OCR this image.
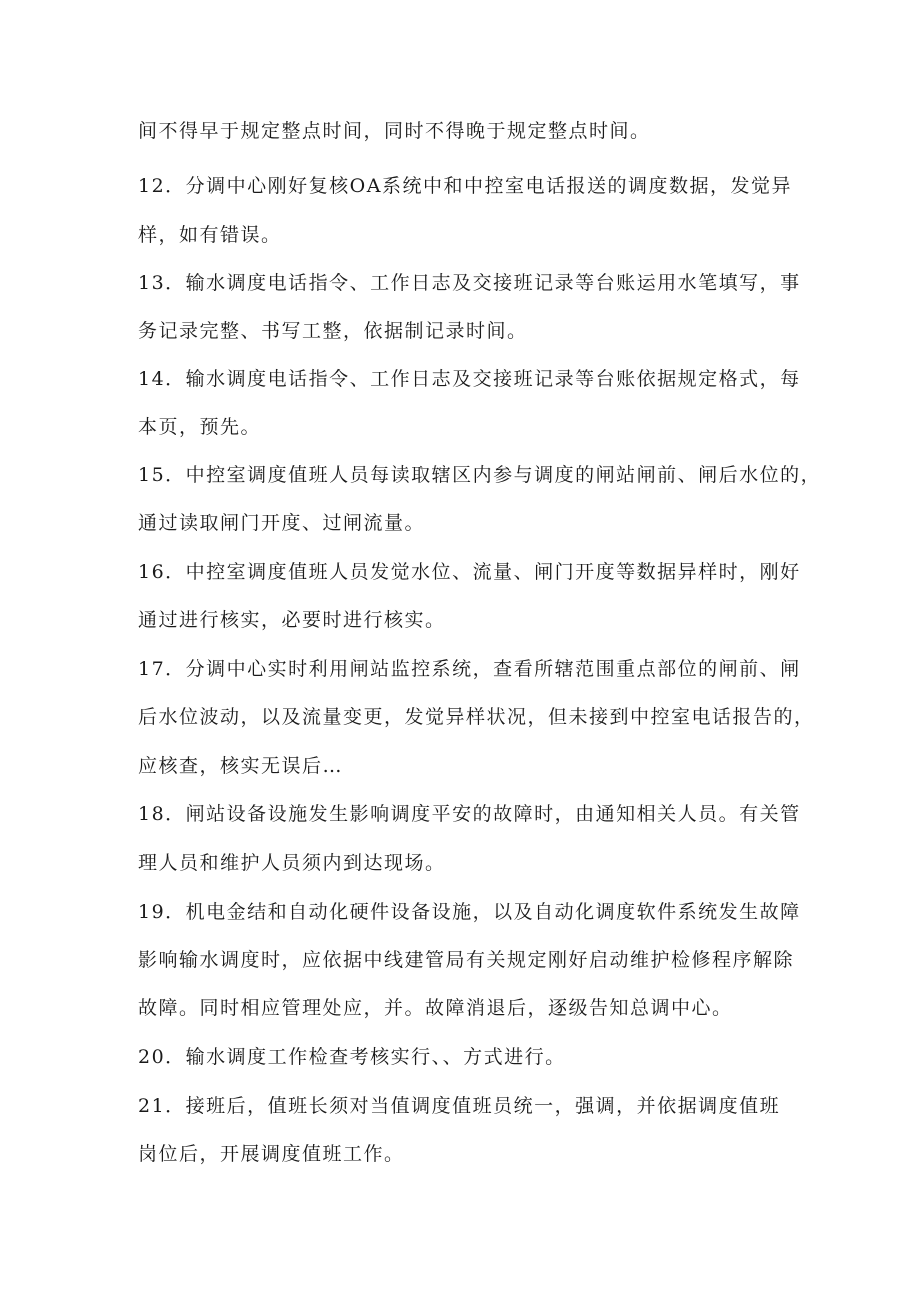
间不得早于规定整点时间，同时不得晚于规定整点时间。
12．分调中心刚好复核OA系统中和中控室电话报送的调度数据，发觉异
样，如有错误。
13．输水调度电话指令、工作日志及交接班记录等台账运用水笔填写，事
务记录完整、书写工整，依据制记录时间。
14．输水调度电话指令、工作日志及交接班记录等台账依据规定格式，每
本页，预先。
15．中控室调度值班人员每读取辖区内参与调度的闸站闸前、闸后水位的，
通过读取闸门开度、过闸流量。
16．中控室调度值班人员发觉水位、流量、闸门开度等数据异样时，刚好
通过进行核实，必要时进行核实。
17．分调中心实时利用闸站监控系统，查看所辖范围重点部位的闸前、闸
后水位波动，以及流量变更，发觉异样状况，但未接到中控室电话报告的，
应核查，核实无误后…
18．闸站设备设施发生影响调度平安的故障时，由通知相关人员。有关管
理人员和维护人员须内到达现场。
19．机电金结和自动化硬件设备设施，以及自动化调度软件系统发生故障
影响输水调度时，应依据中线建管局有关规定刚好启动维护检修程序解除
故障。同时相应管理处应，并。故障消退后，逐级告知总调中心。
20．输水调度工作检查考核实行、、方式进行。
21．接班后，值班长须对当值调度值班员统一，强调，并依据调度值班
岗位后，开展调度值班工作。
